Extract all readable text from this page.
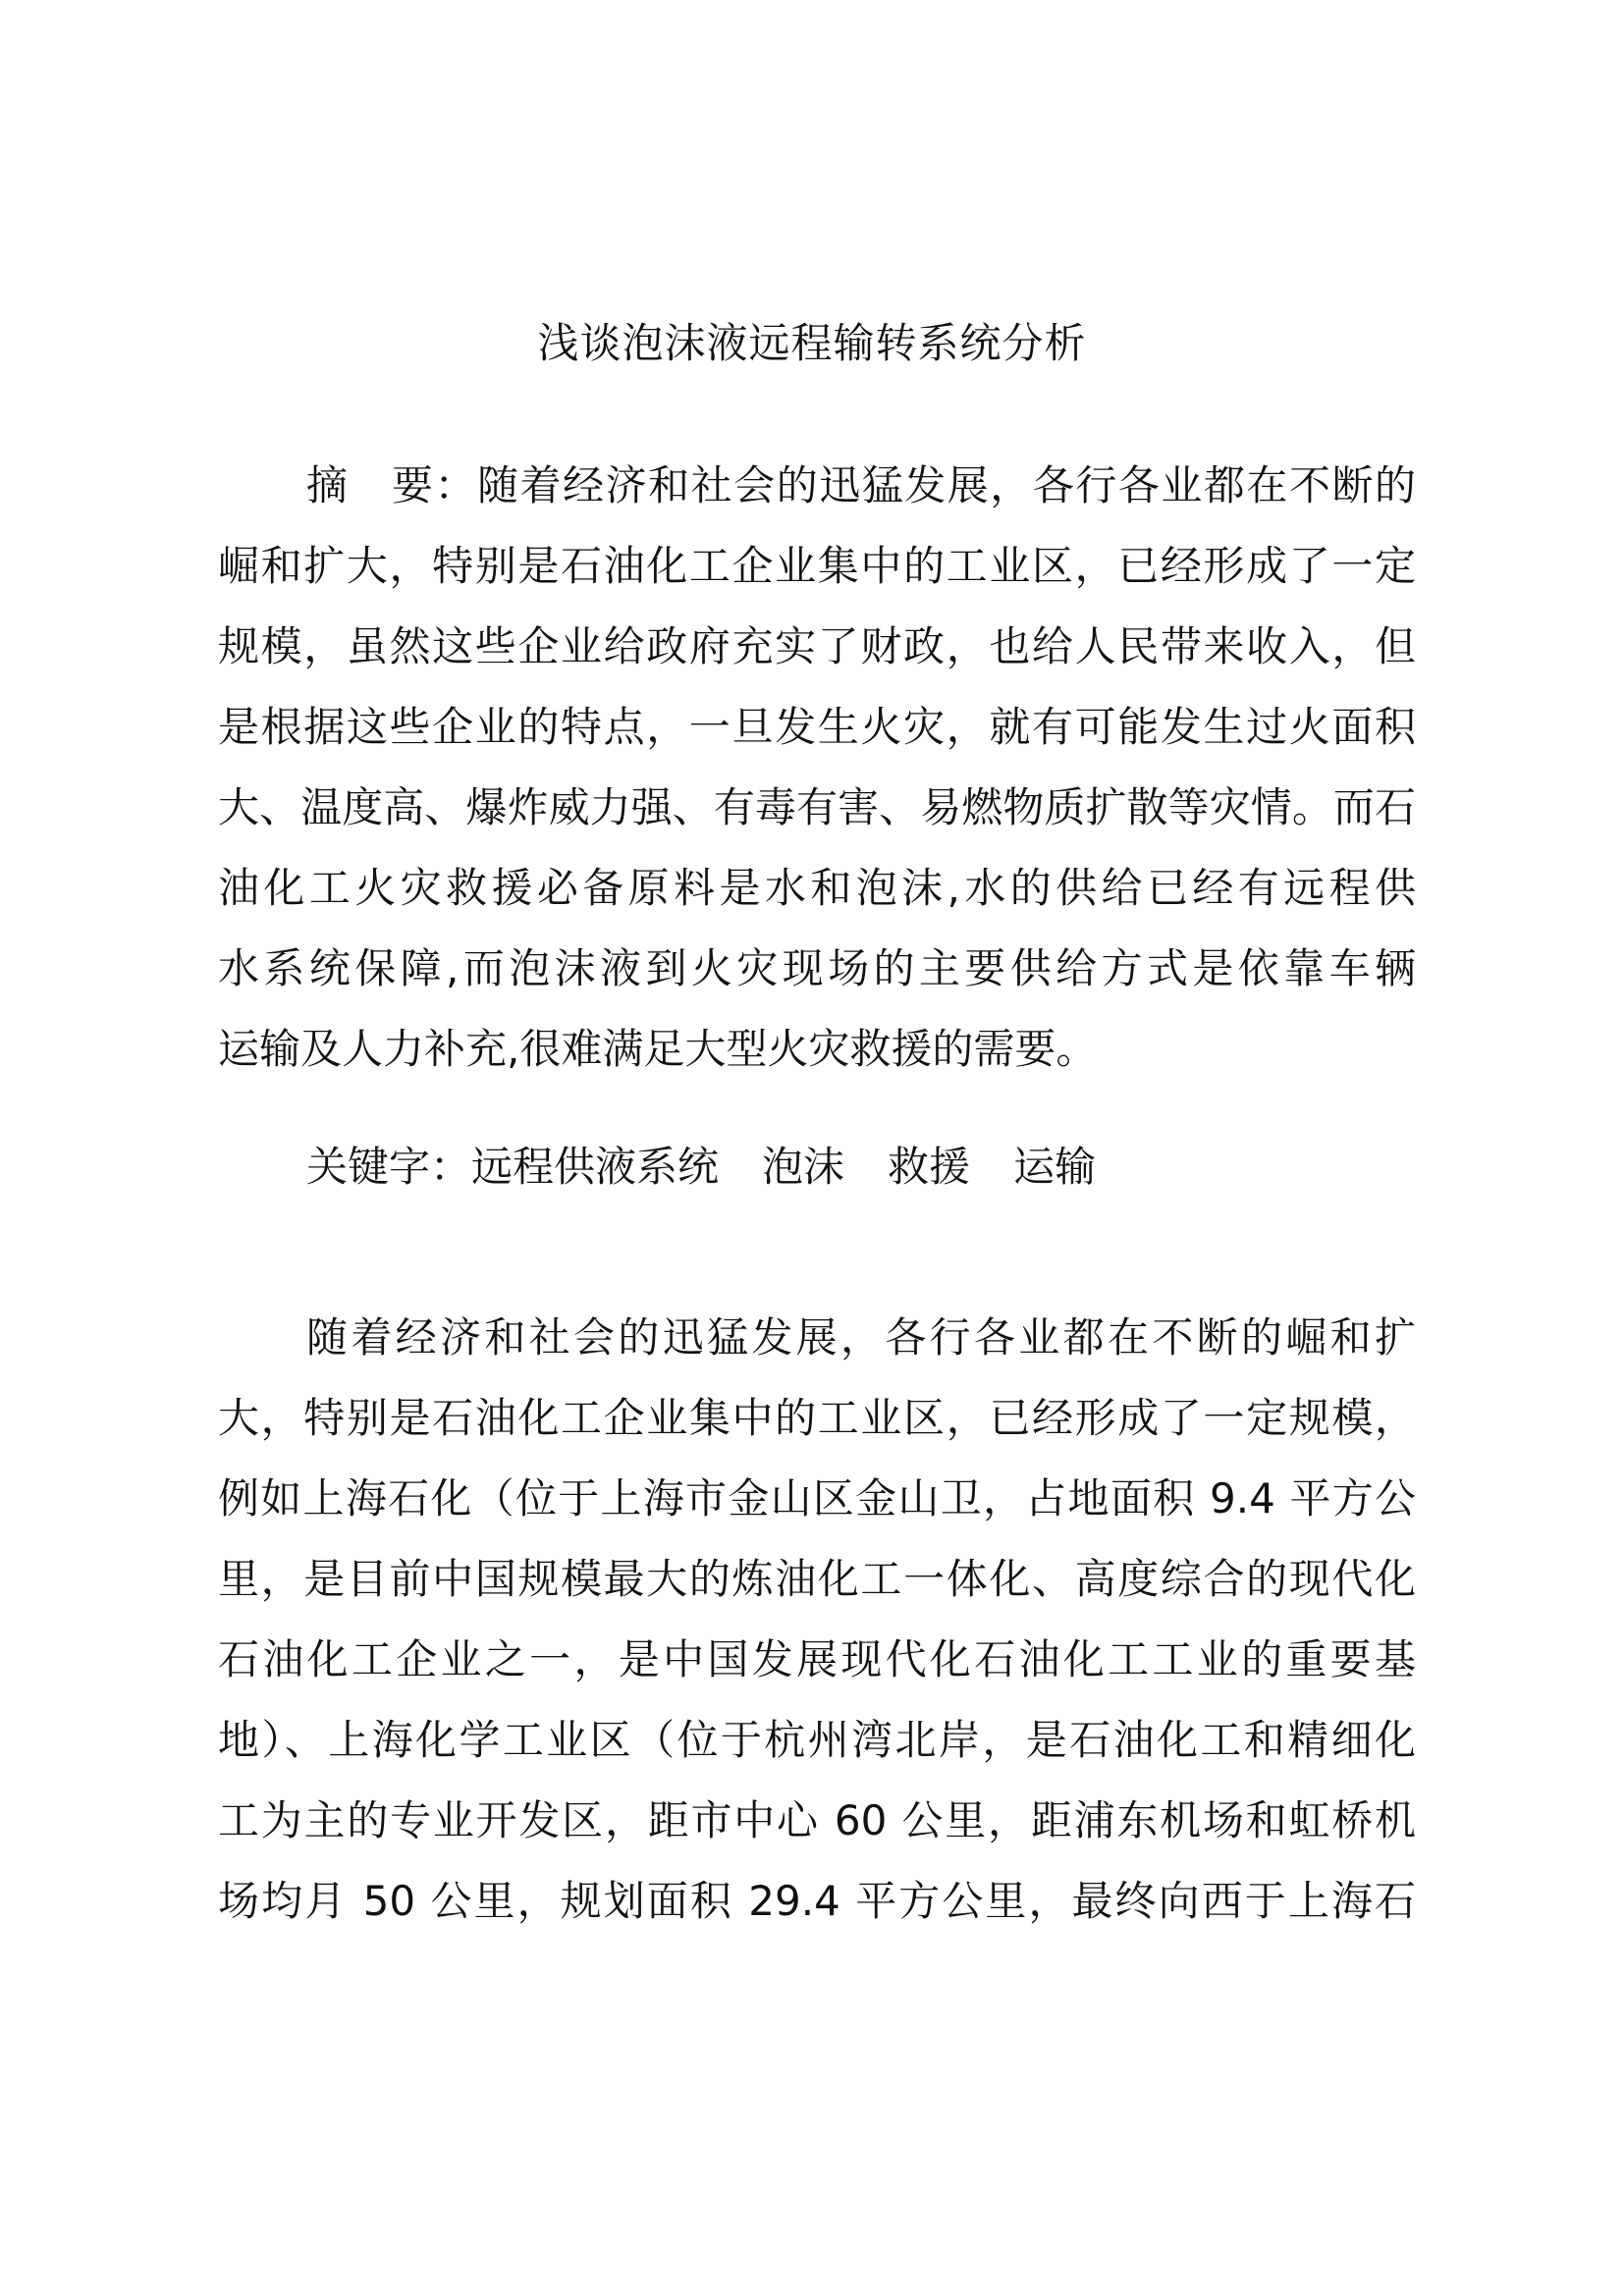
浅谈泡沫液远程输转系统分析

摘　要：随着经济和社会的迅猛发展，各行各业都在不断的

崛和扩大，特别是石油化工企业集中的工业区，已经形成了一定

规模，虽然这些企业给政府充实了财政，也给人民带来收入，但

是根据这些企业的特点，一旦发生火灾，就有可能发生过火面积

大、温度高、爆炸威力强、有毒有害、易燃物质扩散等灾情。而石

油化工火灾救援必备原料是水和泡沫,水的供给已经有远程供

水系统保障,而泡沫液到火灾现场的主要供给方式是依靠车辆

运输及人力补充,很难满足大型火灾救援的需要。

关键字：远程供液系统 泡沫 救援 运输

随着经济和社会的迅猛发展，各行各业都在不断的崛和扩

大，特别是石油化工企业集中的工业区，已经形成了一定规模，

例如上海石化（位于上海市金山区金山卫，占地面积 9.4 平方公

里，是目前中国规模最大的炼油化工一体化、高度综合的现代化

石油化工企业之一，是中国发展现代化石油化工工业的重要基

地）、上海化学工业区（位于杭州湾北岸，是石油化工和精细化

工为主的专业开发区，距市中心 60 公里，距浦东机场和虹桥机

场均月 50 公里，规划面积 29.4 平方公里，最终向西于上海石
